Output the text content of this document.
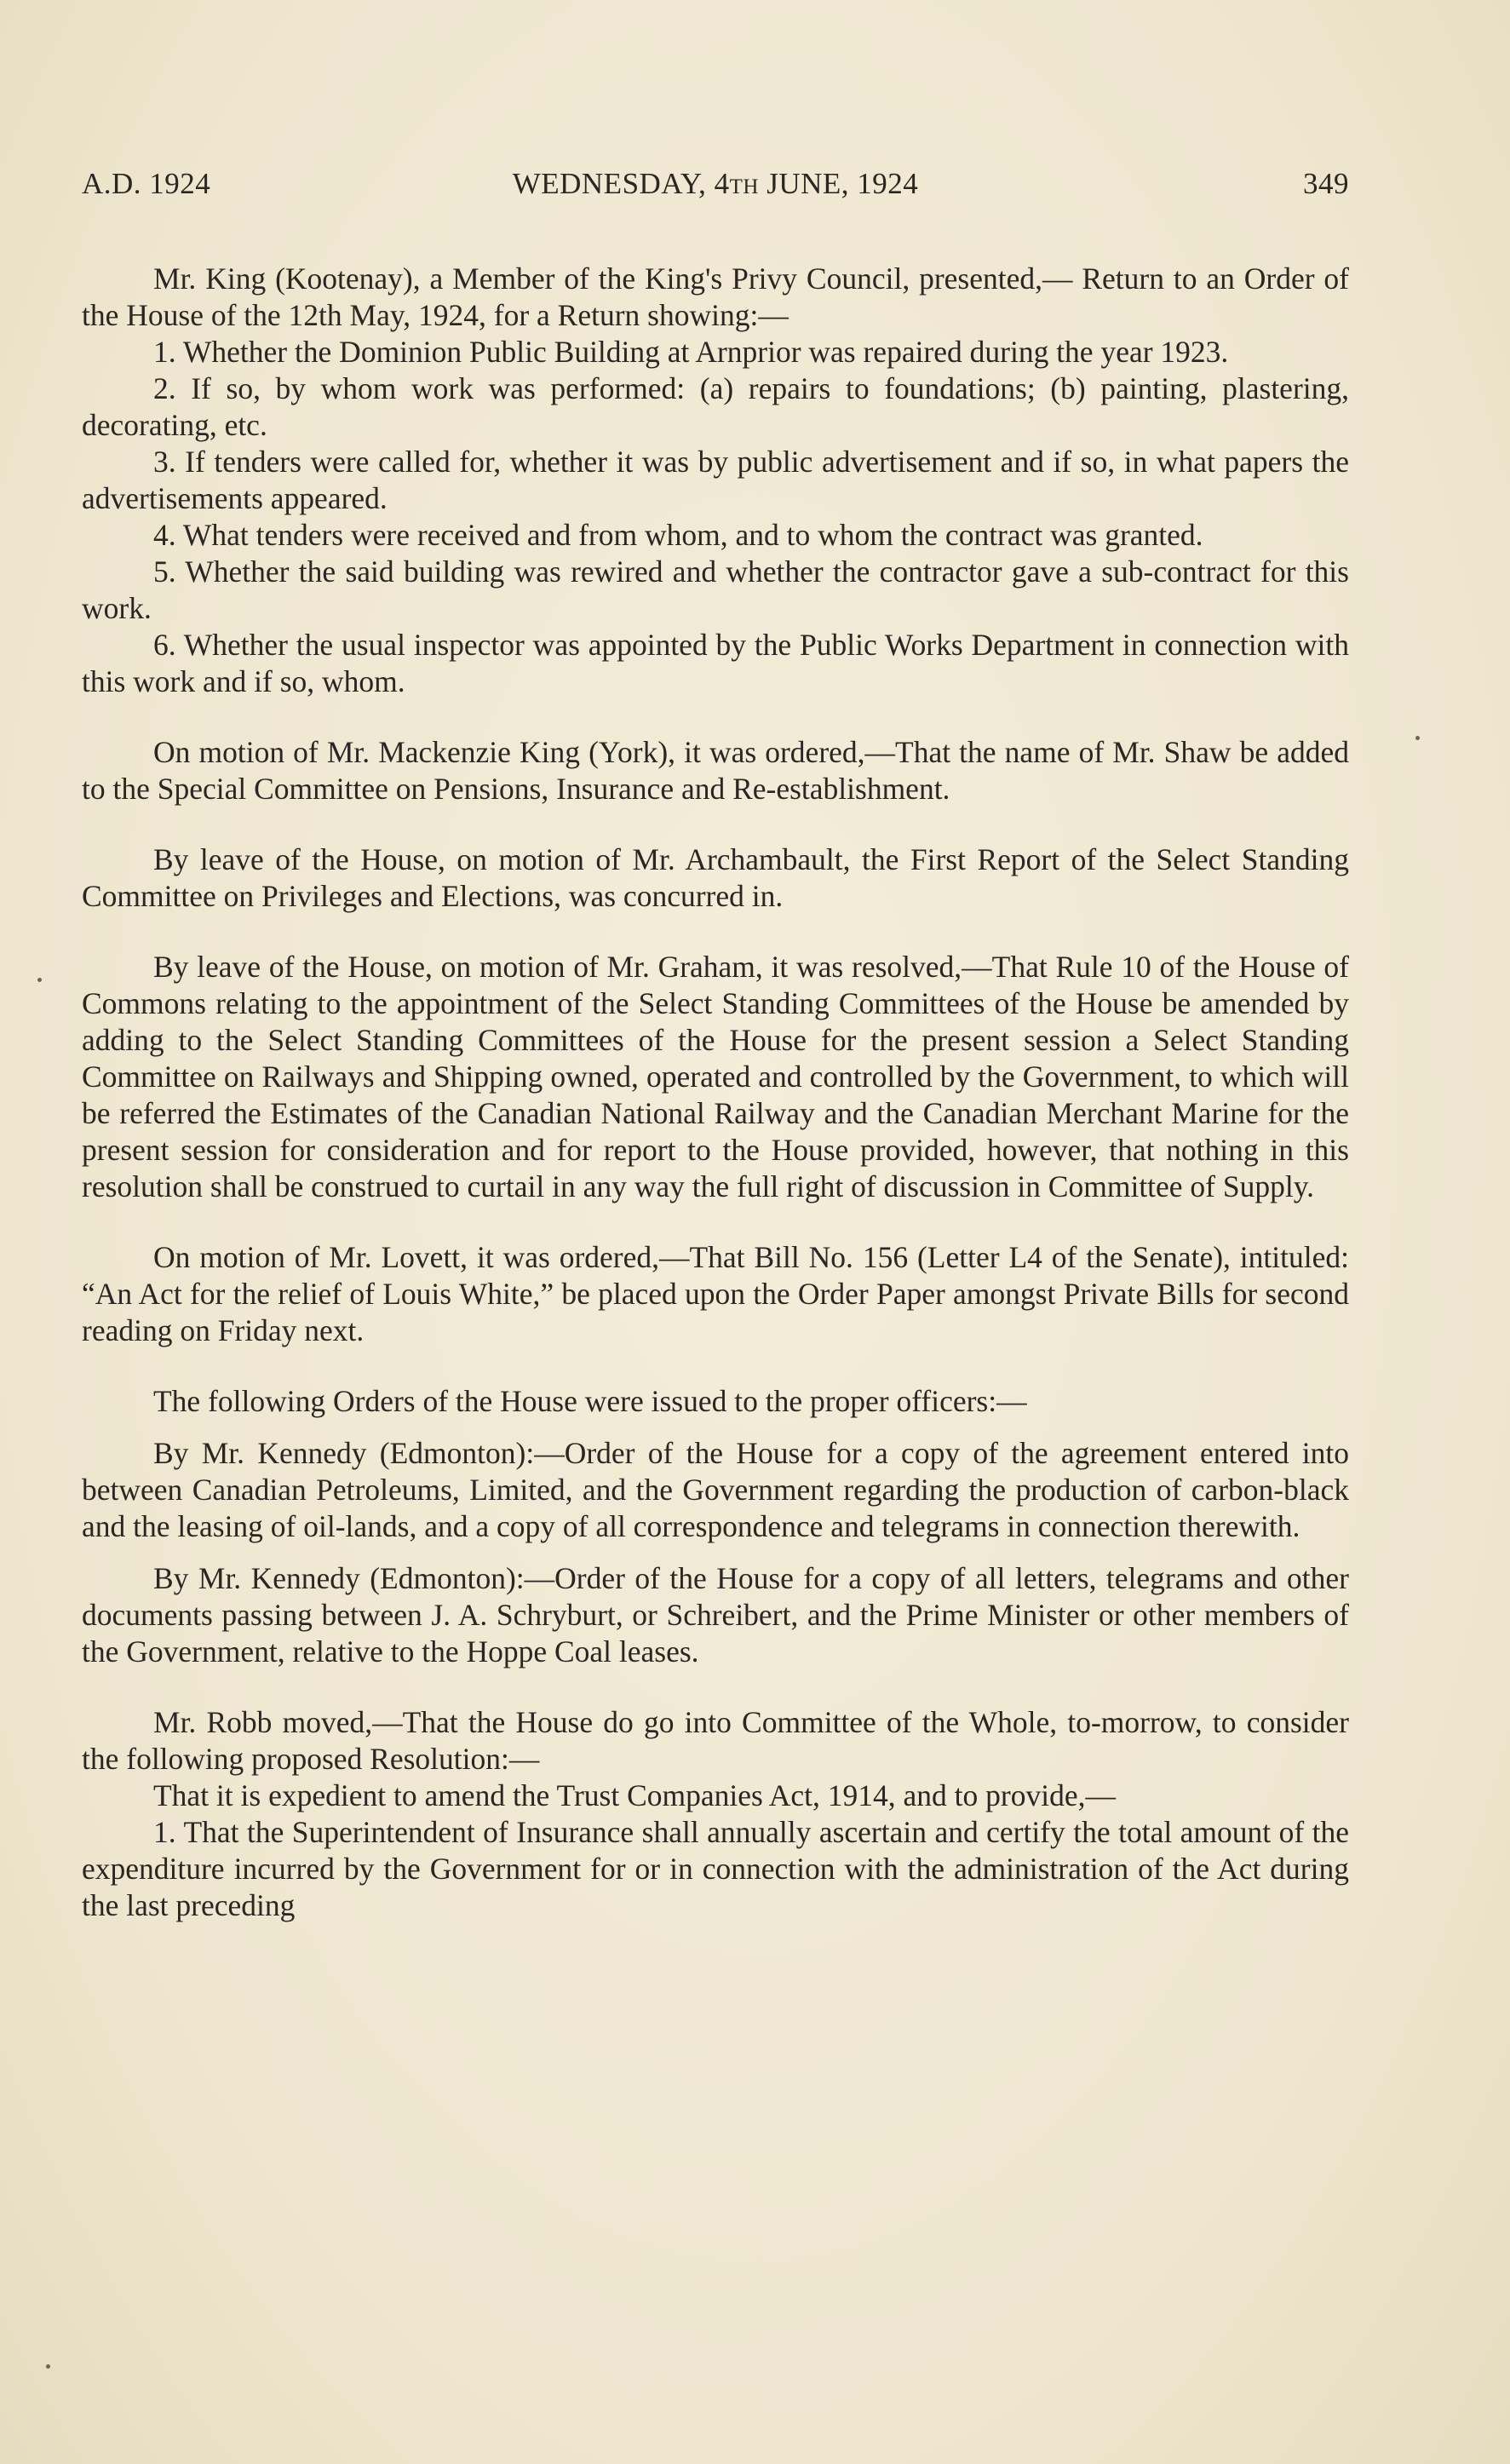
A.D. 1924	WEDNESDAY, 4TH JUNE, 1924	349

Mr. King (Kootenay), a Member of the King's Privy Council, presented,— Return to an Order of the House of the 12th May, 1924, for a Return showing:—

1. Whether the Dominion Public Building at Arnprior was repaired during the year 1923.

2. If so, by whom work was performed: (a) repairs to foundations; (b) painting, plastering, decorating, etc.

3. If tenders were called for, whether it was by public advertisement and if so, in what papers the advertisements appeared.

4. What tenders were received and from whom, and to whom the contract was granted.

5. Whether the said building was rewired and whether the contractor gave a sub-contract for this work.

6. Whether the usual inspector was appointed by the Public Works Department in connection with this work and if so, whom.

On motion of Mr. Mackenzie King (York), it was ordered,—That the name of Mr. Shaw be added to the Special Committee on Pensions, Insurance and Re-establishment.

By leave of the House, on motion of Mr. Archambault, the First Report of the Select Standing Committee on Privileges and Elections, was concurred in.

By leave of the House, on motion of Mr. Graham, it was resolved,—That Rule 10 of the House of Commons relating to the appointment of the Select Standing Committees of the House be amended by adding to the Select Standing Committees of the House for the present session a Select Standing Committee on Railways and Shipping owned, operated and controlled by the Government, to which will be referred the Estimates of the Canadian National Railway and the Canadian Merchant Marine for the present session for consideration and for report to the House provided, however, that nothing in this resolution shall be construed to curtail in any way the full right of discussion in Committee of Supply.

On motion of Mr. Lovett, it was ordered,—That Bill No. 156 (Letter L4 of the Senate), intituled: “An Act for the relief of Louis White,” be placed upon the Order Paper amongst Private Bills for second reading on Friday next.

The following Orders of the House were issued to the proper officers:—

By Mr. Kennedy (Edmonton):—Order of the House for a copy of the agreement entered into between Canadian Petroleums, Limited, and the Government regarding the production of carbon-black and the leasing of oil-lands, and a copy of all correspondence and telegrams in connection therewith.

By Mr. Kennedy (Edmonton):—Order of the House for a copy of all letters, telegrams and other documents passing between J. A. Schryburt, or Schreibert, and the Prime Minister or other members of the Government, relative to the Hoppe Coal leases.

Mr. Robb moved,—That the House do go into Committee of the Whole, to-morrow, to consider the following proposed Resolution:—

That it is expedient to amend the Trust Companies Act, 1914, and to provide,—

1. That the Superintendent of Insurance shall annually ascertain and certify the total amount of the expenditure incurred by the Government for or in connection with the administration of the Act during the last preceding
